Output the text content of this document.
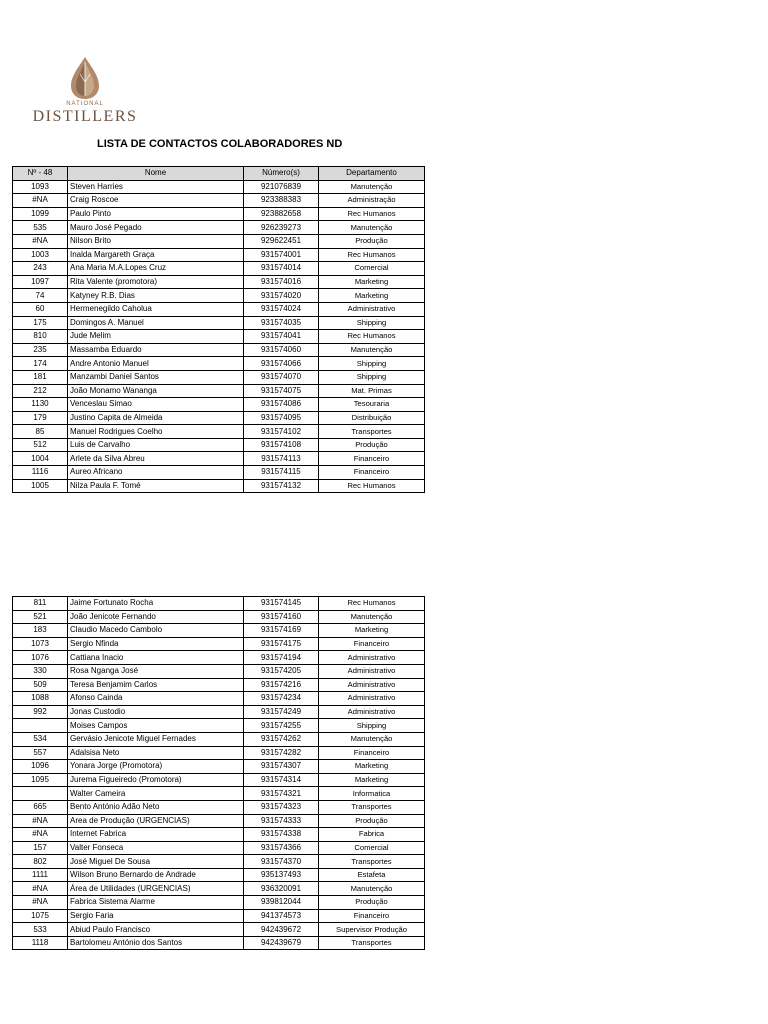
NATIONAL
DISTILLERS
LISTA DE CONTACTOS COLABORADORES ND
Nº - 48	Nome	Número(s)	Departamento
1093	Steven Harries	921076839	Manutenção
#NA	Craig Roscoe	923388383	Administração
1099	Paulo Pinto	923882658	Rec Humanos
535	Mauro José Pegado	926239273	Manutenção
#NA	Nilson Brito	929622451	Produção
1003	Inalda Margareth Graça	931574001	Rec Humanos
243	Ana Maria M.A.Lopes Cruz	931574014	Comercial
1097	Rita Valente (promotora)	931574016	Marketing
74	Katyney R.B. Dias	931574020	Marketing
60	Hermenegildo Caholua	931574024	Administrativo
175	Domingos A. Manuel	931574035	Shipping
810	Jude Melim	931574041	Rec Humanos
235	Massamba Eduardo	931574060	Manutenção
174	Andre Antonio Manuel	931574066	Shipping
181	Manzambi Daniel Santos	931574070	Shipping
212	João Monamo Wananga	931574075	Mat. Primas
1130	Venceslau Simao	931574086	Tesouraria
179	Justino Capita de Almeida	931574095	Distribuição
85	Manuel Rodrigues Coelho	931574102	Transportes
512	Luis de Carvalho	931574108	Produção
1004	Arlete da Silva Abreu	931574113	Financeiro
1116	Aureo Africano	931574115	Financeiro
1005	Nilza Paula F. Tomé	931574132	Rec Humanos
811	Jaime Fortunato Rocha	931574145	Rec Humanos
521	João Jenicote Fernando	931574160	Manutenção
183	Claudio Macedo Cambolo	931574169	Marketing
1073	Sergio Nfinda	931574175	Financeiro
1076	Cattiana Inacio	931574194	Administrativo
330	Rosa Nganga José	931574205	Administrativo
509	Teresa Benjamim Carlos	931574216	Administrativo
1088	Afonso Cainda	931574234	Administrativo
992	Jonas Custodio	931574249	Administrativo
	Moises Campos	931574255	Shipping
534	Gervásio Jenicote Miguel Fernades	931574262	Manutenção
557	Adalsisa Neto	931574282	Financeiro
1096	Yonara Jorge (Promotora)	931574307	Marketing
1095	Jurema Figueiredo (Promotora)	931574314	Marketing
	Walter Cameira	931574321	Informatica
665	Bento António Adão Neto	931574323	Transportes
#NA	Area de Produção (URGENCIAS)	931574333	Produção
#NA	Internet Fabrica	931574338	Fabrica
157	Valter Fonseca	931574366	Comercial
802	José Miguel De Sousa	931574370	Transportes
1111	Wilson Bruno Bernardo de Andrade	935137493	Estafeta
#NA	Área de Utilidades (URGENCIAS)	936320091	Manutenção
#NA	Fabrica Sistema Alarme	939812044	Produção
1075	Sergio Faria	941374573	Financeiro
533	Abiud Paulo Francisco	942439672	Supervisor Produção
1118	Bartolomeu António dos Santos	942439679	Transportes
